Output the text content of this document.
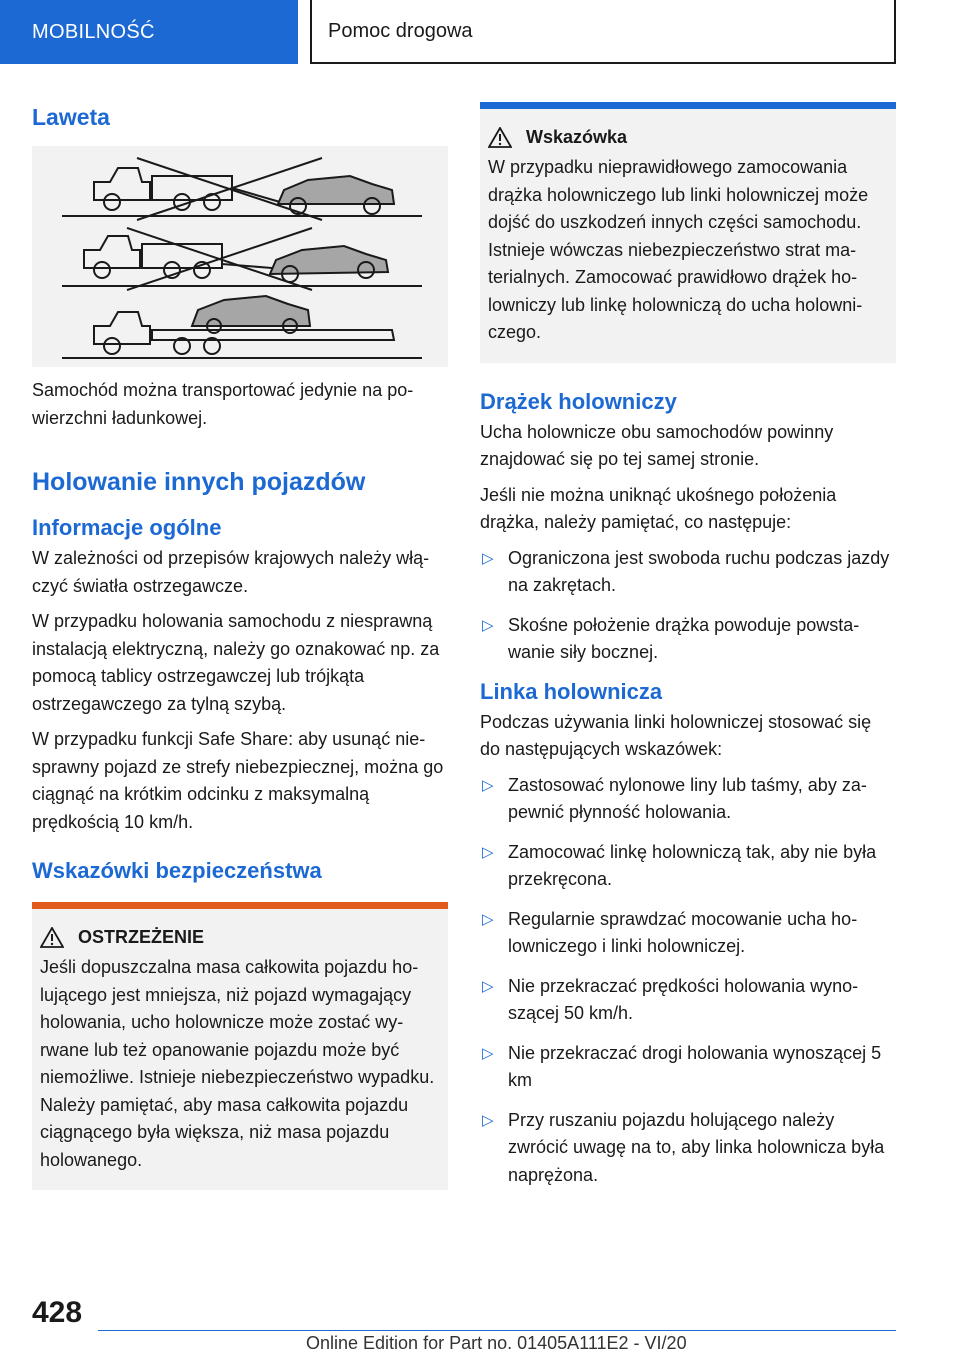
MOBILNOŚĆ	Pomoc drogowa
Laweta

Samochód można transportować jedynie na powierzchni ładunkowej.

Holowanie innych pojazdów
Informacje ogólne

W zależności od przepisów krajowych należy włączyć światła ostrzegawcze.

W przypadku holowania samochodu z niesprawną instalacją elektryczną, należy go oznakować np. za pomocą tablicy ostrzegawczej lub trójkąta ostrzegawczego za tylną szybą.

W przypadku funkcji Safe Share: aby usunąć niesprawny pojazd ze strefy niebezpiecznej, można go ciągnąć na krótkim odcinku z maksymalną prędkością 10 km/h.

Wskazówki bezpieczeństwa
OSTRZEŻENIE

Jeśli dopuszczalna masa całkowita pojazdu holującego jest mniejsza, niż pojazd wymagający holowania, ucho holownicze może zostać wyrwane lub też opanowanie pojazdu może być niemożliwe. Istnieje niebezpieczeństwo wypadku. Należy pamiętać, aby masa całkowita pojazdu ciągnącego była większa, niż masa pojazdu holowanego.

Wskazówka

W przypadku nieprawidłowego zamocowania drążka holowniczego lub linki holowniczej może dojść do uszkodzeń innych części samochodu. Istnieje wówczas niebezpieczeństwo strat materialnych. Zamocować prawidłowo drążek holowniczy lub linkę holowniczą do ucha holowniczego.

Drążek holowniczy

Ucha holownicze obu samochodów powinny znajdować się po tej samej stronie.

Jeśli nie można uniknąć ukośnego położenia drążka, należy pamiętać, co następuje:

▷ Ograniczona jest swoboda ruchu podczas jazdy na zakrętach.
▷ Skośne położenie drążka powoduje powstawanie siły bocznej.
Linka holownicza

Podczas używania linki holowniczej stosować się do następujących wskazówek:

▷ Zastosować nylonowe liny lub taśmy, aby zapewnić płynność holowania.
▷ Zamocować linkę holowniczą tak, aby nie była przekręcona.
▷ Regularnie sprawdzać mocowanie ucha holowniczego i linki holowniczej.
▷ Nie przekraczać prędkości holowania wynoszącej 50 km/h.
▷ Nie przekraczać drogi holowania wynoszącej 5 km
▷ Przy ruszaniu pojazdu holującego należy zwrócić uwagę na to, aby linka holownicza była naprężona.
428
Online Edition for Part no. 01405A111E2 - VI/20
